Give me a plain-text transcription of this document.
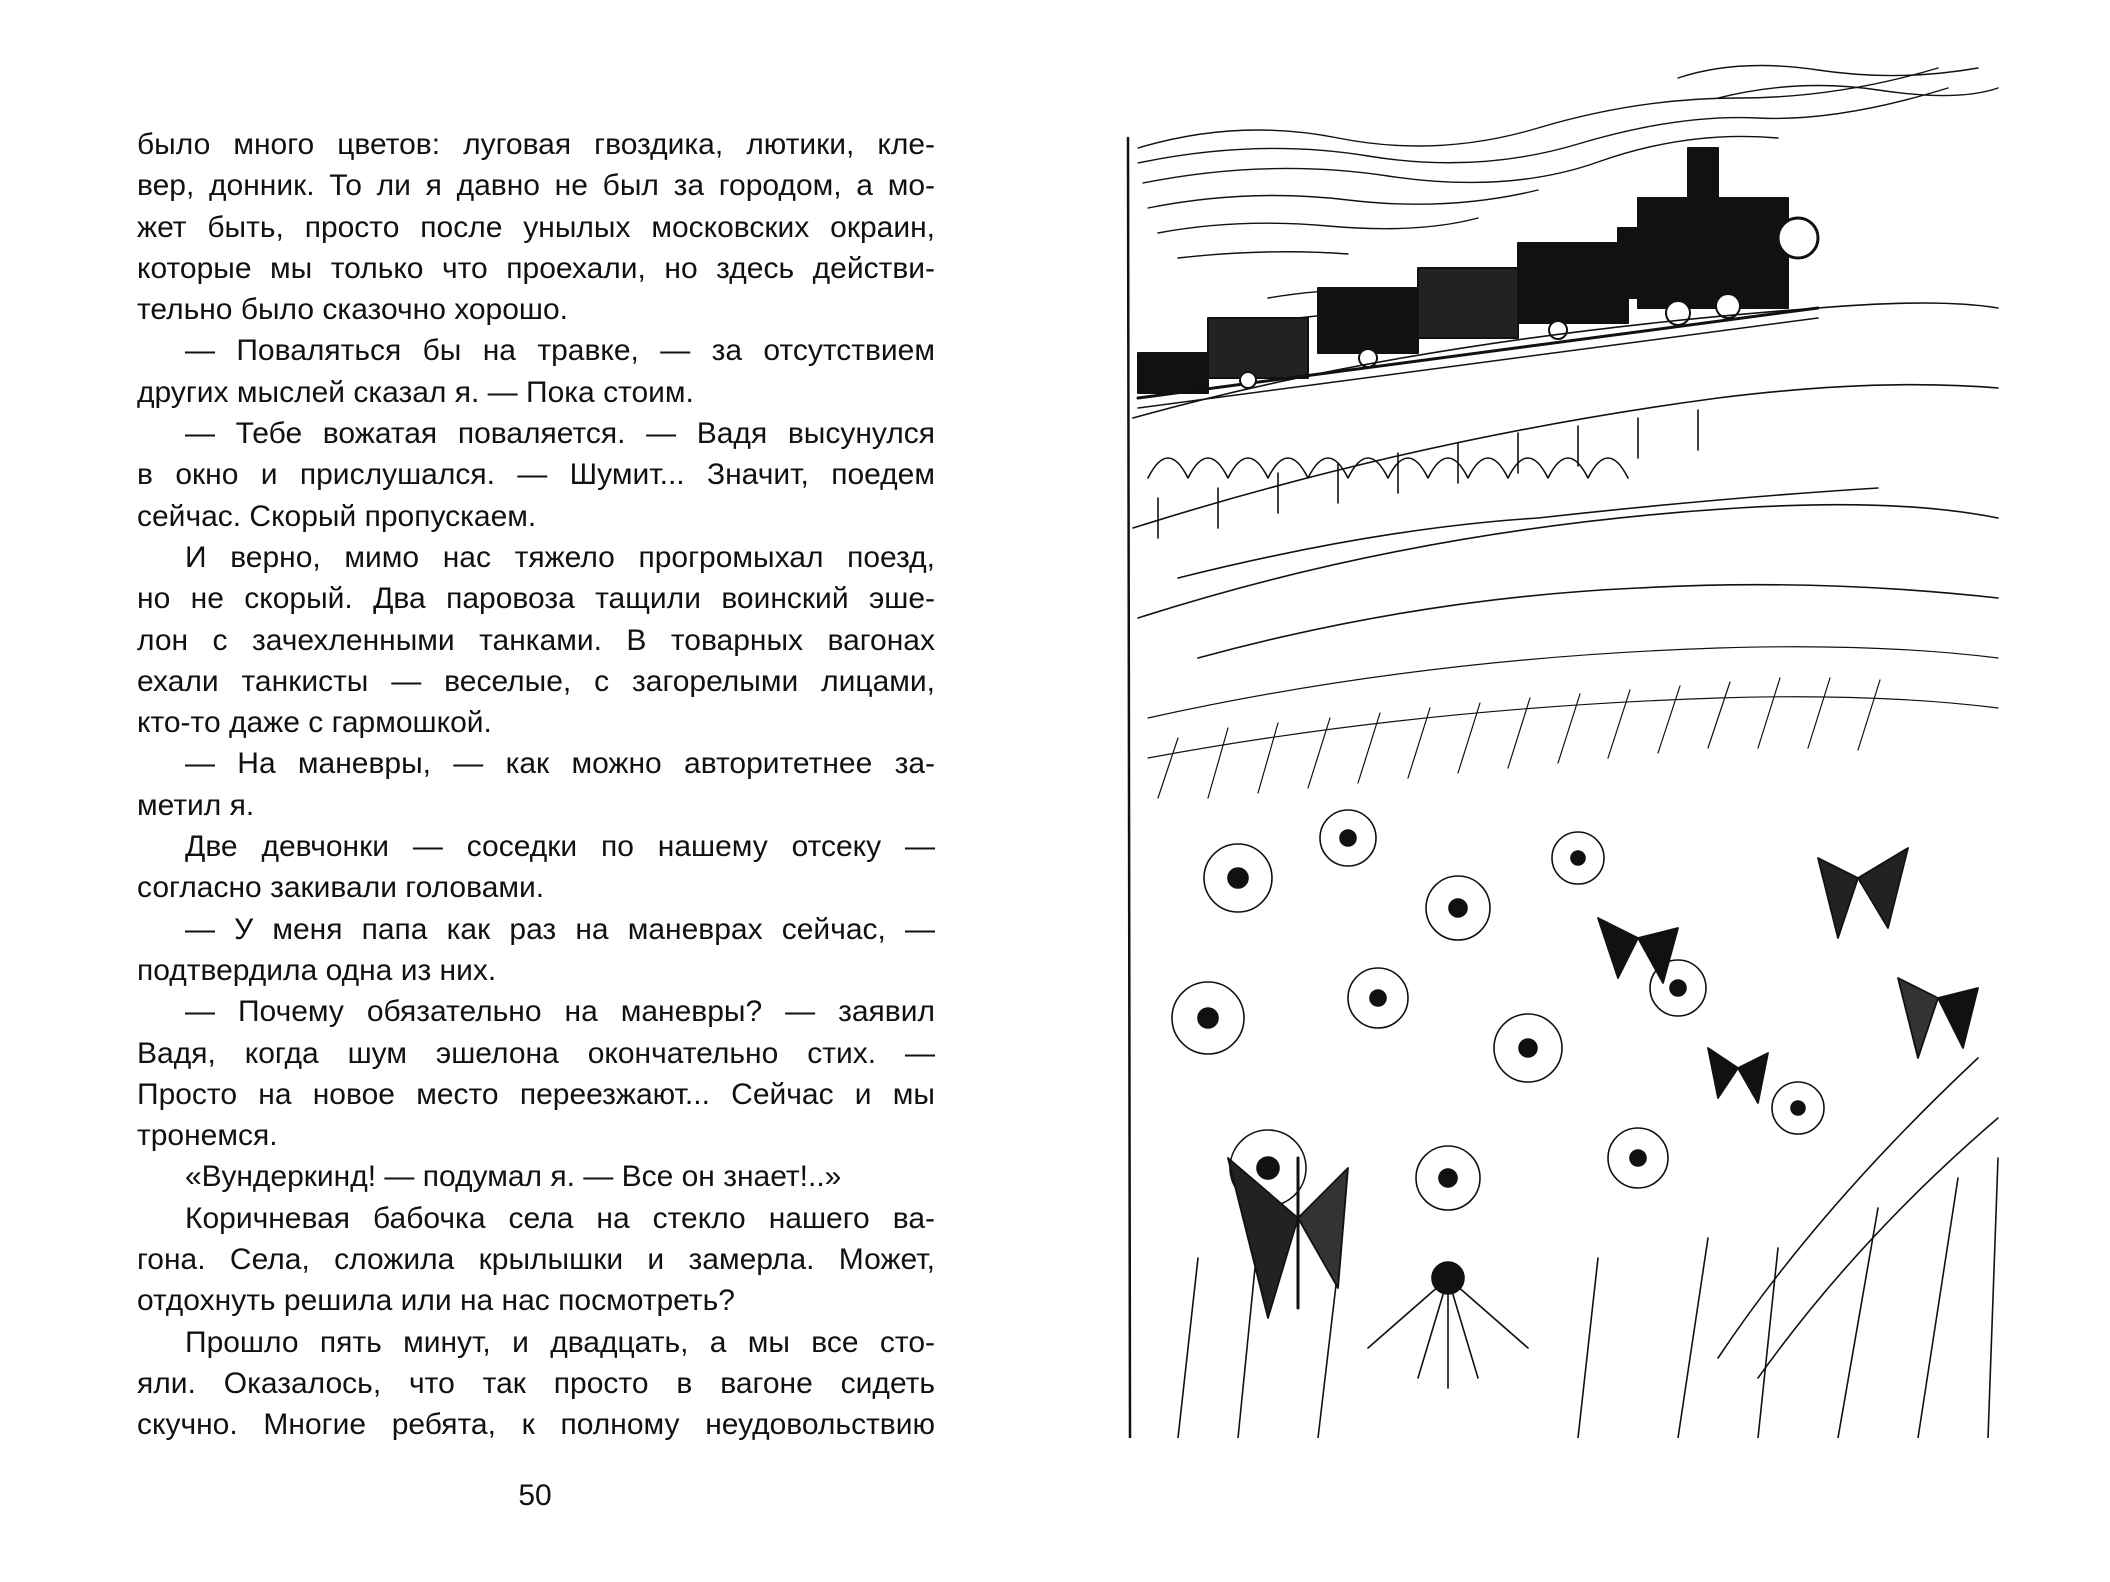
было много цветов: луговая гвоздика, лютики, кле-
вер, донник. То ли я давно не был за городом, а мо-
жет быть, просто после унылых московских окраин,
которые мы только что проехали, но здесь действи-
тельно было сказочно хорошо.
— Поваляться бы на травке, — за отсутствием
других мыслей сказал я. — Пока стоим.
— Тебе вожатая поваляется. — Вадя высунулся
в окно и прислушался. — Шумит... Значит, поедем
сейчас. Скорый пропускаем.
И верно, мимо нас тяжело прогромыхал поезд,
но не скорый. Два паровоза тащили воинский эше-
лон с зачехленными танками. В товарных вагонах
ехали танкисты — веселые, с загорелыми лицами,
кто-то даже с гармошкой.
— На маневры, — как можно авторитетнее за-
метил я.
Две девчонки — соседки по нашему отсеку —
согласно закивали головами.
— У меня папа как раз на маневрах сейчас, —
подтвердила одна из них.
— Почему обязательно на маневры? — заявил
Вадя, когда шум эшелона окончательно стих. —
Просто на новое место переезжают... Сейчас и мы
тронемся.
«Вундеркинд! — подумал я. — Все он знает!..»
Коричневая бабочка села на стекло нашего ва-
гона. Села, сложила крылышки и замерла. Может,
отдохнуть решила или на нас посмотреть?
Прошло пять минут, и двадцать, а мы все сто-
яли. Оказалось, что так просто в вагоне сидеть
скучно. Многие ребята, к полному неудовольствию
50
